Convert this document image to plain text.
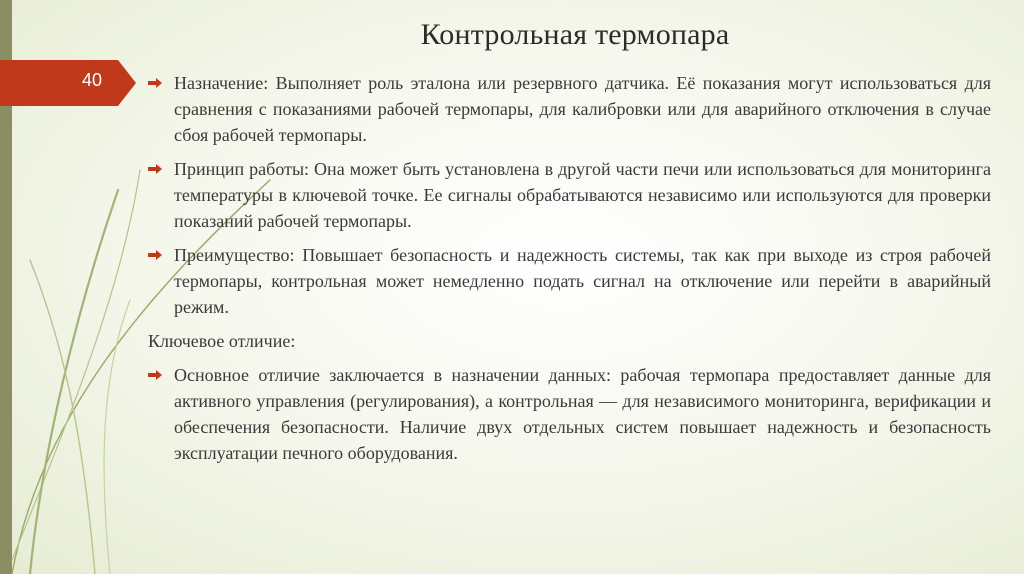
Контрольная термопара
40	Назначение: Выполняет роль эталона или резервного датчика. Её показания могут использоваться для сравнения с показаниями рабочей термопары, для калибровки или для аварийного отключения в случае сбоя рабочей термопары.
Принцип работы: Она может быть установлена в другой части печи или использоваться для мониторинга температуры в ключевой точке. Ее сигналы обрабатываются независимо или используются для проверки показаний рабочей термопары.
Преимущество: Повышает безопасность и надежность системы, так как при выходе из строя рабочей термопары, контрольная может немедленно подать сигнал на отключение или перейти в аварийный режим.
Ключевое отличие:
Основное отличие заключается в назначении данных: рабочая термопара предоставляет данные для активного управления (регулирования), а контрольная — для независимого мониторинга, верификации и обеспечения безопасности. Наличие двух отдельных систем повышает надежность и безопасность эксплуатации печного оборудования.
